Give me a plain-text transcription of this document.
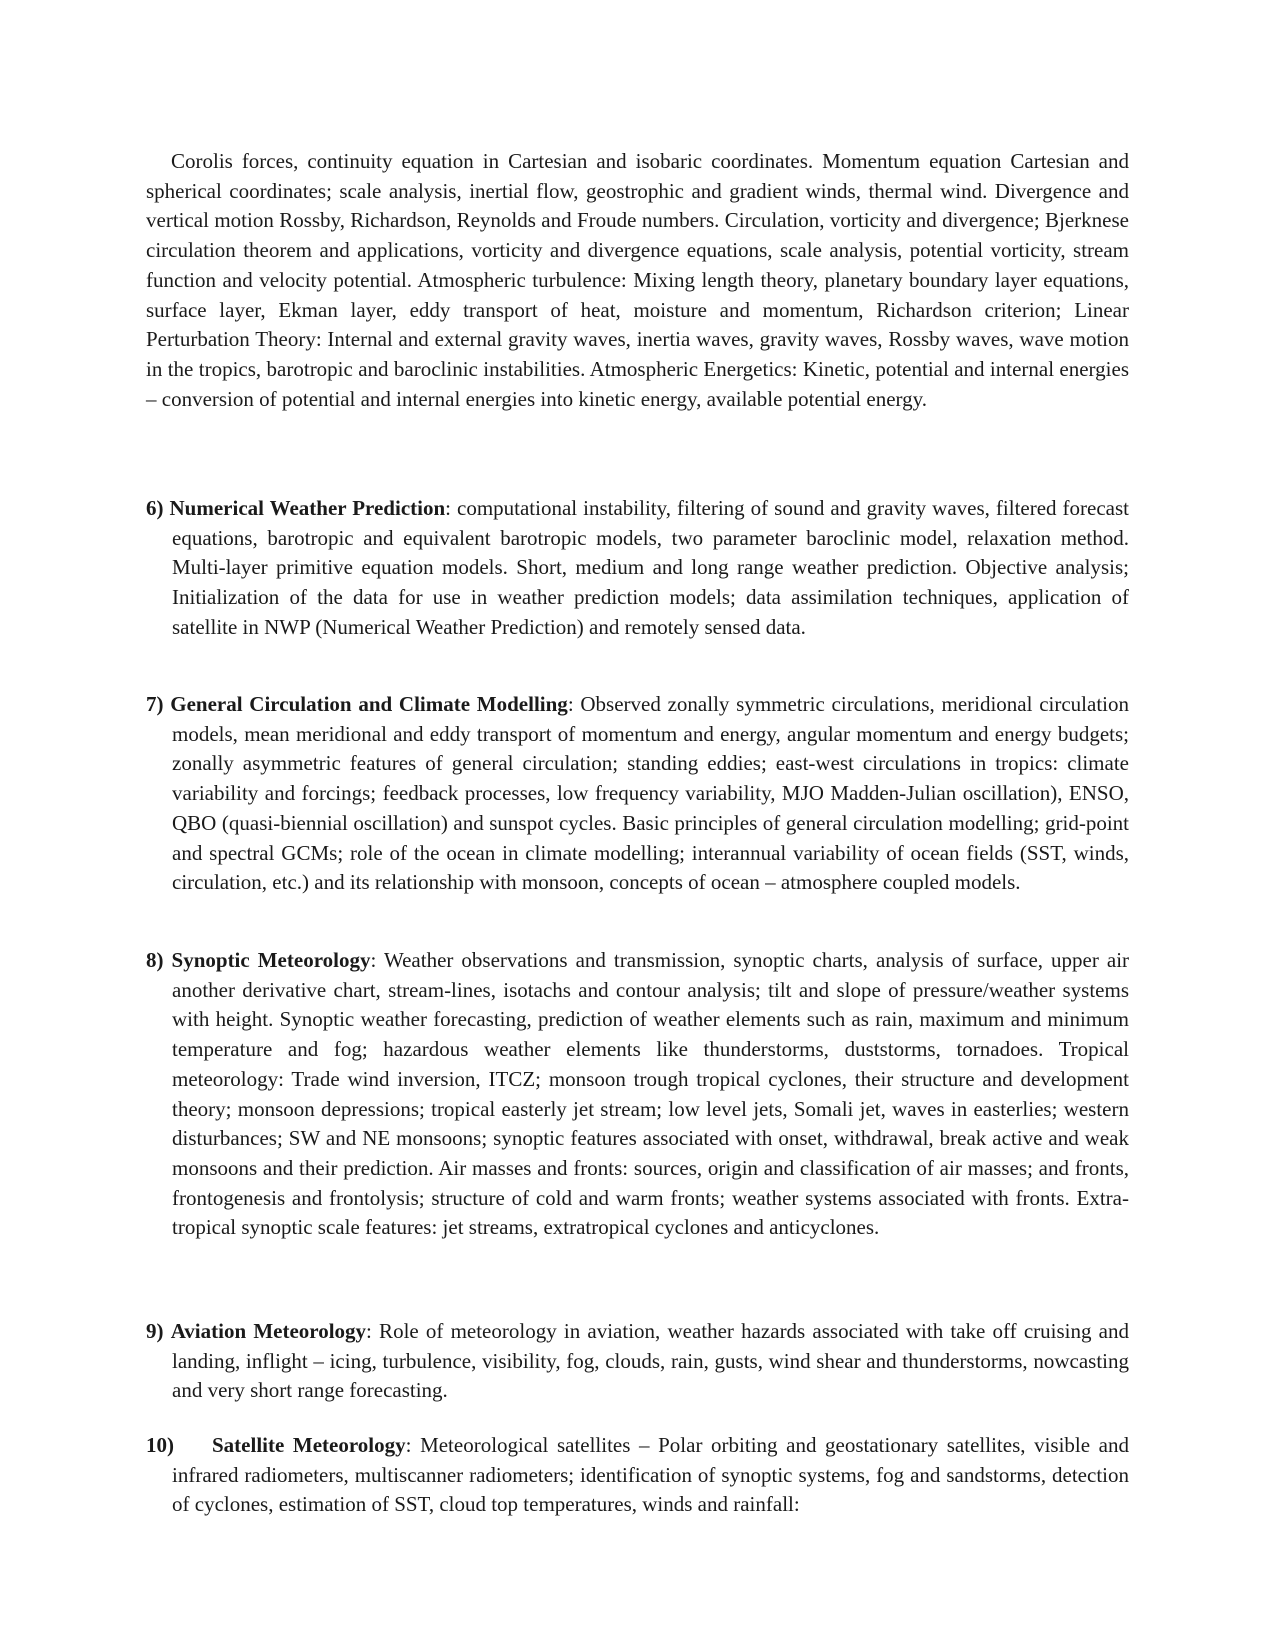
Corolis forces, continuity equation in Cartesian and isobaric coordinates. Momentum equation Cartesian and spherical coordinates; scale analysis, inertial flow, geostrophic and gradient winds, thermal wind. Divergence and vertical motion Rossby, Richardson, Reynolds and Froude numbers. Circulation, vorticity and divergence; Bjerknese circulation theorem and applications, vorticity and divergence equations, scale analysis, potential vorticity, stream function and velocity potential. Atmospheric turbulence: Mixing length theory, planetary boundary layer equations, surface layer, Ekman layer, eddy transport of heat, moisture and momentum, Richardson criterion; Linear Perturbation Theory: Internal and external gravity waves, inertia waves, gravity waves, Rossby waves, wave motion in the tropics, barotropic and baroclinic instabilities. Atmospheric Energetics: Kinetic, potential and internal energies – conversion of potential and internal energies into kinetic energy, available potential energy.

6) Numerical Weather Prediction: computational instability, filtering of sound and gravity waves, filtered forecast equations, barotropic and equivalent barotropic models, two parameter baroclinic model, relaxation method. Multi-layer primitive equation models. Short, medium and long range weather prediction. Objective analysis; Initialization of the data for use in weather prediction models; data assimilation techniques, application of satellite in NWP (Numerical Weather Prediction) and remotely sensed data.

7) General Circulation and Climate Modelling: Observed zonally symmetric circulations, meridional circulation models, mean meridional and eddy transport of momentum and energy, angular momentum and energy budgets; zonally asymmetric features of general circulation; standing eddies; east-west circulations in tropics: climate variability and forcings; feedback processes, low frequency variability, MJO Madden-Julian oscillation), ENSO, QBO (quasi-biennial oscillation) and sunspot cycles. Basic principles of general circulation modelling; grid-point and spectral GCMs; role of the ocean in climate modelling; interannual variability of ocean fields (SST, winds, circulation, etc.) and its relationship with monsoon, concepts of ocean – atmosphere coupled models.

8) Synoptic Meteorology: Weather observations and transmission, synoptic charts, analysis of surface, upper air another derivative chart, stream-lines, isotachs and contour analysis; tilt and slope of pressure/weather systems with height. Synoptic weather forecasting, prediction of weather elements such as rain, maximum and minimum temperature and fog; hazardous weather elements like thunderstorms, duststorms, tornadoes. Tropical meteorology: Trade wind inversion, ITCZ; monsoon trough tropical cyclones, their structure and development theory; monsoon depressions; tropical easterly jet stream; low level jets, Somali jet, waves in easterlies; western disturbances; SW and NE monsoons; synoptic features associated with onset, withdrawal, break active and weak monsoons and their prediction. Air masses and fronts: sources, origin and classification of air masses; and fronts, frontogenesis and frontolysis; structure of cold and warm fronts; weather systems associated with fronts. Extra-tropical synoptic scale features: jet streams, extratropical cyclones and anticyclones.

9) Aviation Meteorology: Role of meteorology in aviation, weather hazards associated with take off cruising and landing, inflight – icing, turbulence, visibility, fog, clouds, rain, gusts, wind shear and thunderstorms, nowcasting and very short range forecasting.

10) Satellite Meteorology: Meteorological satellites – Polar orbiting and geostationary satellites, visible and infrared radiometers, multiscanner radiometers; identification of synoptic systems, fog and sandstorms, detection of cyclones, estimation of SST, cloud top temperatures, winds and rainfall:
